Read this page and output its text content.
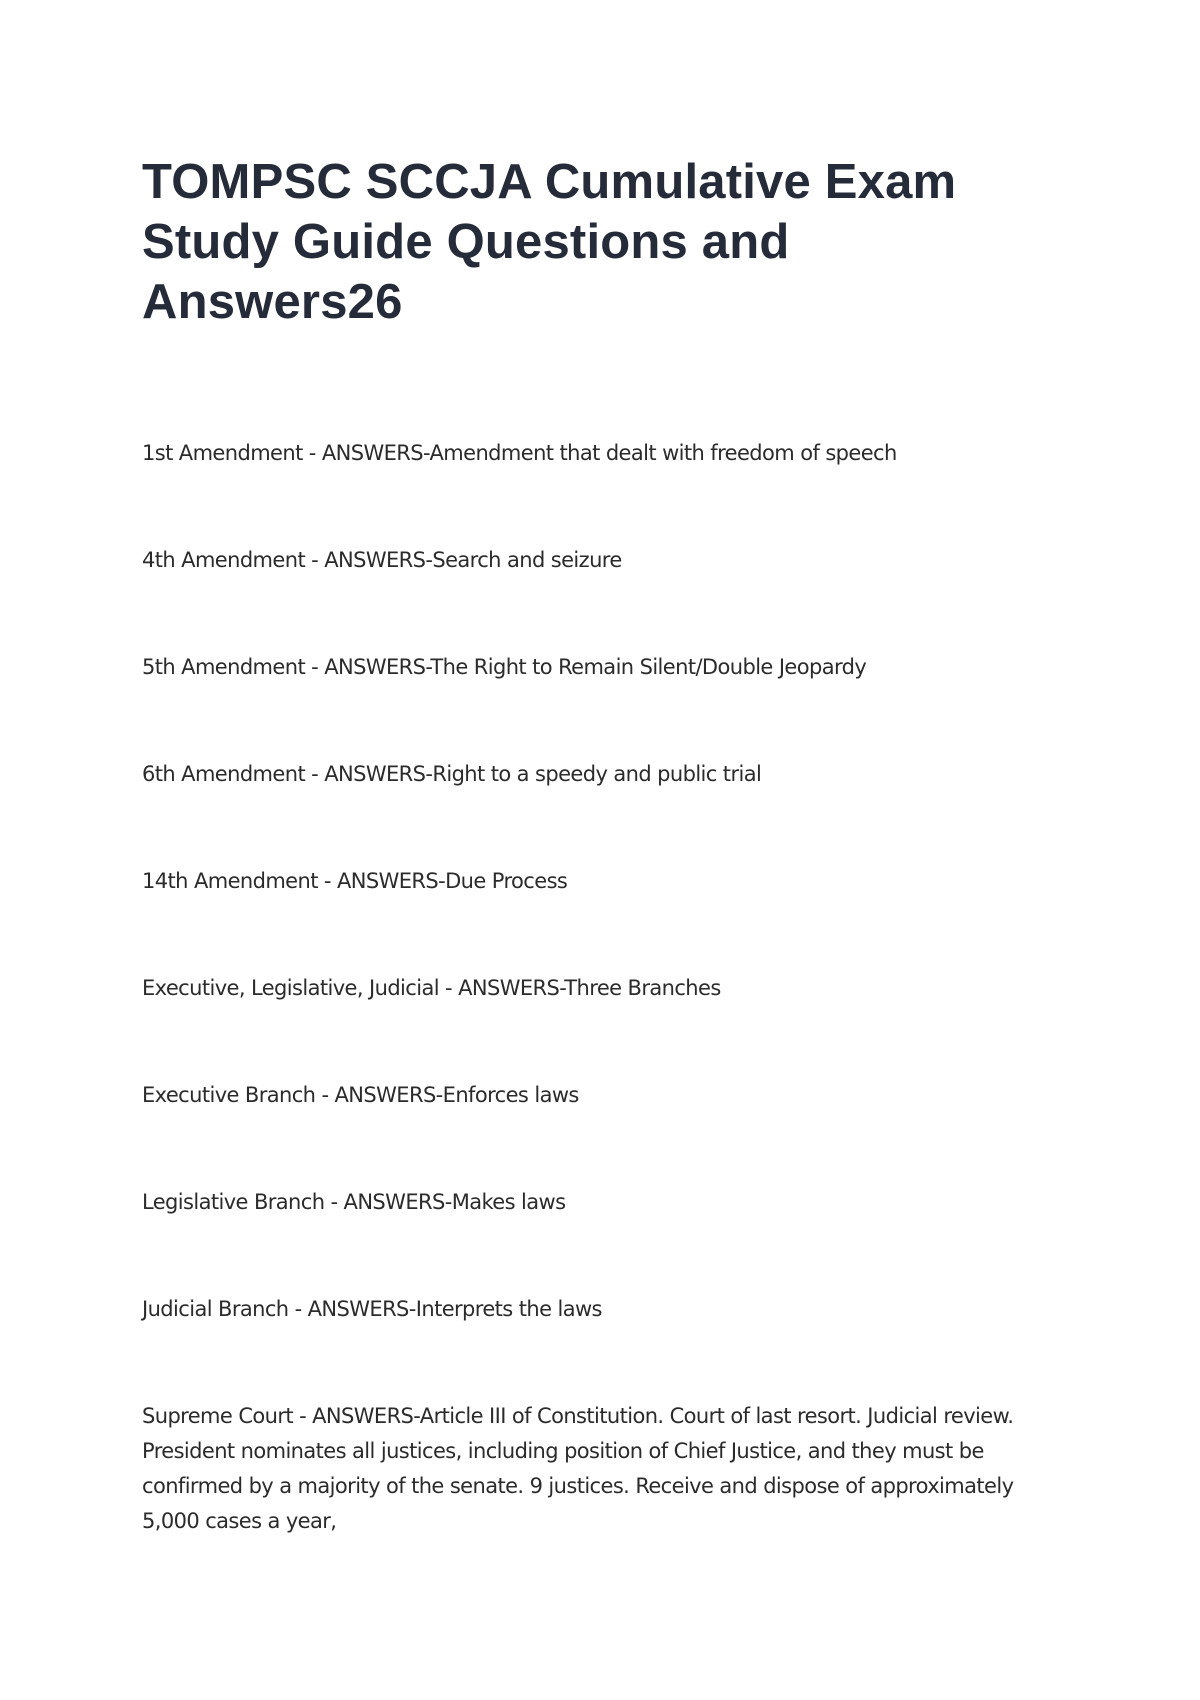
TOMPSC SCCJA Cumulative Exam Study Guide Questions and Answers26
1st Amendment - ANSWERS-Amendment that dealt with freedom of speech
4th Amendment - ANSWERS-Search and seizure
5th Amendment - ANSWERS-The Right to Remain Silent/Double Jeopardy
6th Amendment - ANSWERS-Right to a speedy and public trial
14th Amendment - ANSWERS-Due Process
Executive, Legislative, Judicial - ANSWERS-Three Branches
Executive Branch - ANSWERS-Enforces laws
Legislative Branch - ANSWERS-Makes laws
Judicial Branch - ANSWERS-Interprets the laws
Supreme Court - ANSWERS-Article III of Constitution. Court of last resort. Judicial review. President nominates all justices, including position of Chief Justice, and they must be confirmed by a majority of the senate. 9 justices. Receive and dispose of approximately 5,000 cases a year,
